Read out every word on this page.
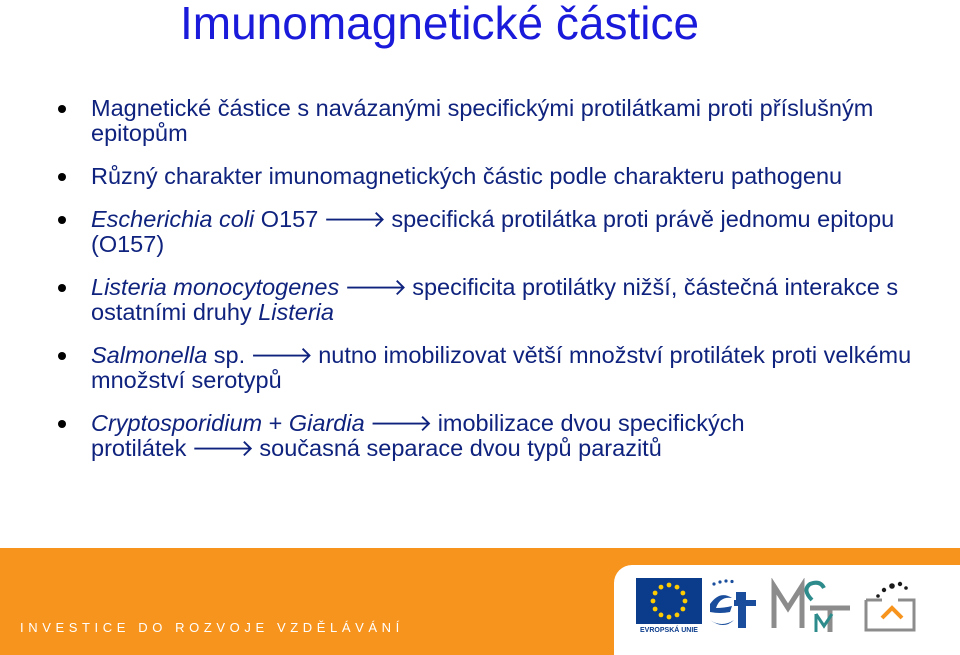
Imunomagnetické částice
Magnetické částice s navázanými specifickými protilátkami proti příslušným epitopům
Různý charakter imunomagnetických částic podle charakteru pathogenu
Escherichia coli O157 🡒 specifická protilátka proti právě jednomu epitopu (O157)
Listeria monocytogenes 🡒 specificita protilátky nižší, částečná interakce s ostatními druhy Listeria
Salmonella sp. 🡒 nutno imobilizovat větší množství protilátek proti velkému množství serotypů
Cryptosporidium + Giardia 🡒 imobilizace dvou specifických protilátek 🡒 současná separace dvou typů parazitů
INVESTICE DO ROZVOJE VZDĚLÁVÁNÍ	EVROPSKÁ UNIE
